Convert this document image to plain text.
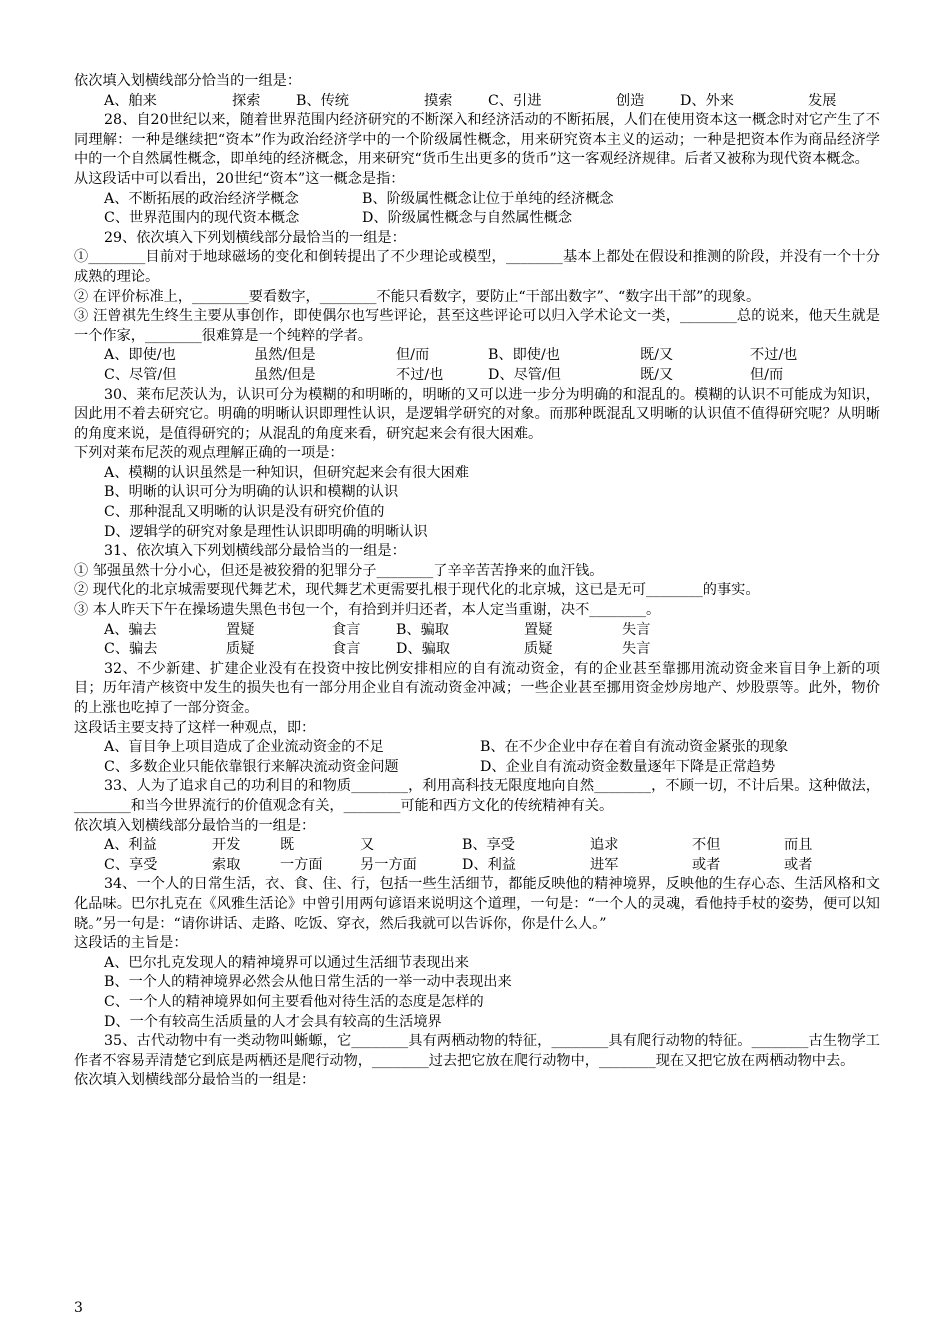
依次填入划横线部分恰当的一组是：

A、舶来	探索	B、传统	摸索	C、引进	创造	D、外来	发展

28、自20世纪以来，随着世界范围内经济研究的不断深入和经济活动的不断拓展，人们在使用资本这一概念时对它产生了不同理解：一种是继续把“资本”作为政治经济学中的一个阶级属性概念，用来研究资本主义的运动；一种是把资本作为商品经济学中的一个自然属性概念，即单纯的经济概念，用来研究“货币生出更多的货币”这一客观经济规律。后者又被称为现代资本概念。

从这段话中可以看出，20世纪“资本”这一概念是指：

A、不断拓展的政治经济学概念	B、阶级属性概念让位于单纯的经济概念
C、世界范围内的现代资本概念	D、阶级属性概念与自然属性概念

29、依次填入下列划横线部分最恰当的一组是：

①________目前对于地球磁场的变化和倒转提出了不少理论或模型，________基本上都处在假设和推测的阶段，并没有一个十分成熟的理论。

② 在评价标准上，________要看数字，________不能只看数字，要防止“干部出数字”、“数字出干部”的现象。

③ 汪曾祺先生终生主要从事创作，即使偶尔也写些评论，甚至这些评论可以归入学术论文一类，________总的说来，他天生就是一个作家，________很难算是一个纯粹的学者。

A、即使/也	虽然/但是	但/而	B、即使/也	既/又	不过/也
C、尽管/但	虽然/但是	不过/也	D、尽管/但	既/又	但/而

30、莱布尼茨认为，认识可分为模糊的和明晰的，明晰的又可以进一步分为明确的和混乱的。模糊的认识不可能成为知识，因此用不着去研究它。明确的明晰认识即理性认识，是逻辑学研究的对象。而那种既混乱又明晰的认识值不值得研究呢？从明晰的角度来说，是值得研究的；从混乱的角度来看，研究起来会有很大困难。

下列对莱布尼茨的观点理解正确的一项是：

A、模糊的认识虽然是一种知识，但研究起来会有很大困难

B、明晰的认识可分为明确的认识和模糊的认识

C、那种混乱又明晰的认识是没有研究价值的

D、逻辑学的研究对象是理性认识即明确的明晰认识

31、依次填入下列划横线部分最恰当的一组是：

① 邹强虽然十分小心，但还是被狡猾的犯罪分子________了辛辛苦苦挣来的血汗钱。

② 现代化的北京城需要现代舞艺术，现代舞艺术更需要扎根于现代化的北京城，这已是无可________的事实。

③ 本人昨天下午在操场遗失黑色书包一个，有拾到并归还者，本人定当重谢，决不________。

A、骗去	置疑	食言	B、骗取	置疑	失言
C、骗去	质疑	食言	D、骗取	质疑	失言

32、不少新建、扩建企业没有在投资中按比例安排相应的自有流动资金，有的企业甚至靠挪用流动资金来盲目争上新的项目；历年清产核资中发生的损失也有一部分用企业自有流动资金冲减；一些企业甚至挪用资金炒房地产、炒股票等。此外，物价的上涨也吃掉了一部分资金。

这段话主要支持了这样一种观点，即：

A、盲目争上项目造成了企业流动资金的不足	B、在不少企业中存在着自有流动资金紧张的现象
C、多数企业只能依靠银行来解决流动资金问题	D、企业自有流动资金数量逐年下降是正常趋势

33、人为了追求自己的功利目的和物质________，利用高科技无限度地向自然________，不顾一切，不计后果。这种做法，________和当今世界流行的价值观念有关，________可能和西方文化的传统精神有关。

依次填入划横线部分最恰当的一组是：

A、利益	开发	既	又	B、享受	追求	不但	而且
C、享受	索取	一方面	另一方面	D、利益	进军	或者	或者

34、一个人的日常生活，衣、食、住、行，包括一些生活细节，都能反映他的精神境界，反映他的生存心态、生活风格和文化品味。巴尔扎克在《风雅生活论》中曾引用两句谚语来说明这个道理，一句是：“一个人的灵魂，看他持手杖的姿势，便可以知晓。”另一句是：“请你讲话、走路、吃饭、穿衣，然后我就可以告诉你，你是什么人。”

这段话的主旨是：

A、巴尔扎克发现人的精神境界可以通过生活细节表现出来

B、一个人的精神境界必然会从他日常生活的一举一动中表现出来

C、一个人的精神境界如何主要看他对待生活的态度是怎样的

D、一个有较高生活质量的人才会具有较高的生活境界

35、古代动物中有一类动物叫蜥螈，它________具有两栖动物的特征，________具有爬行动物的特征。________古生物学工作者不容易弄清楚它到底是两栖还是爬行动物，________过去把它放在爬行动物中，________现在又把它放在两栖动物中去。

依次填入划横线部分最恰当的一组是：

3
